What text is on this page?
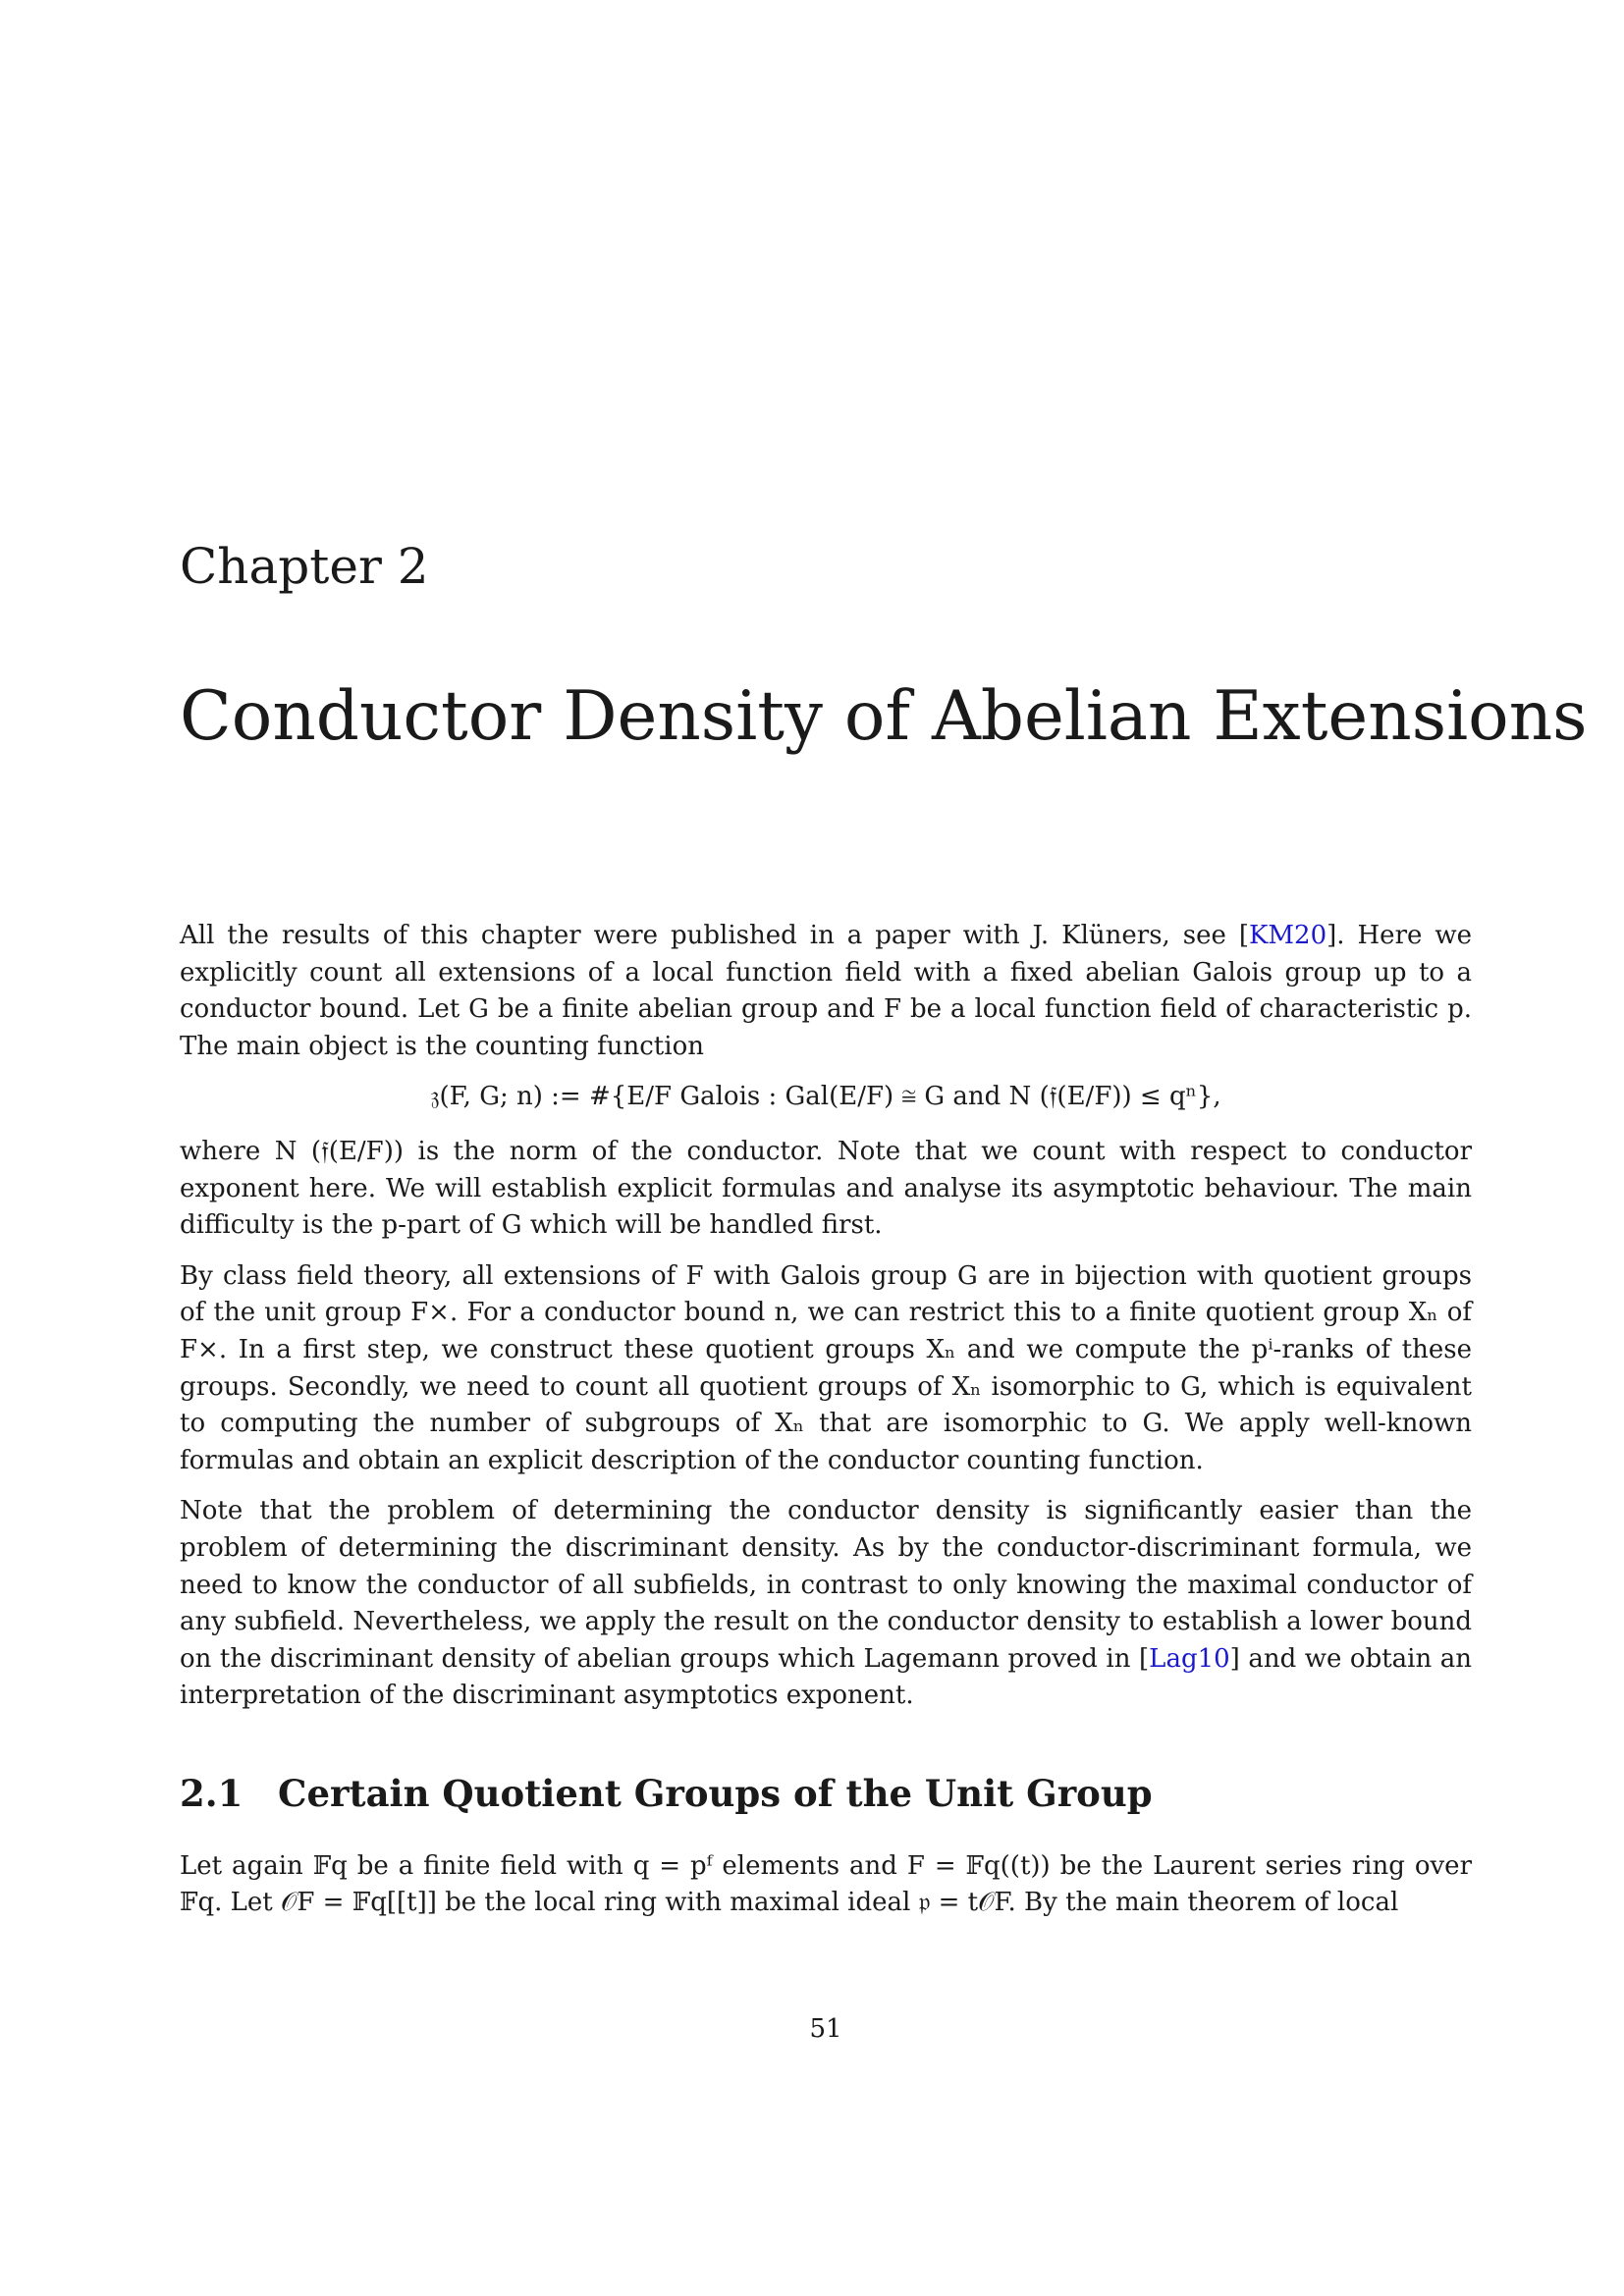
Chapter 2
Conductor Density of Abelian Extensions

All the results of this chapter were published in a paper with J. Klüners, see [KM20]. Here we explicitly count all extensions of a local function field with a fixed abelian Galois group up to a conductor bound. Let G be a finite abelian group and F be a local function field of characteristic p. The main object is the counting function

𝔷(F, G; n) := #{E/F Galois : Gal(E/F) ≅ G and N (𝔣(E/F)) ≤ qⁿ},

where N (𝔣(E/F)) is the norm of the conductor. Note that we count with respect to conductor exponent here. We will establish explicit formulas and analyse its asymptotic behaviour. The main difficulty is the p-part of G which will be handled first.

By class field theory, all extensions of F with Galois group G are in bijection with quotient groups of the unit group F×. For a conductor bound n, we can restrict this to a finite quotient group Xₙ of F×. In a first step, we construct these quotient groups Xₙ and we compute the pⁱ-ranks of these groups. Secondly, we need to count all quotient groups of Xₙ isomorphic to G, which is equivalent to computing the number of subgroups of Xₙ that are isomorphic to G. We apply well-known formulas and obtain an explicit description of the conductor counting function.

Note that the problem of determining the conductor density is significantly easier than the problem of determining the discriminant density. As by the conductor-discriminant formula, we need to know the conductor of all subfields, in contrast to only knowing the maximal conductor of any subfield. Nevertheless, we apply the result on the conductor density to establish a lower bound on the discriminant density of abelian groups which Lagemann proved in [Lag10] and we obtain an interpretation of the discriminant asymptotics exponent.

2.1 Certain Quotient Groups of the Unit Group

Let again 𝔽q be a finite field with q = pᶠ elements and F = 𝔽q((t)) be the Laurent series ring over 𝔽q. Let 𝒪F = 𝔽q[[t]] be the local ring with maximal ideal 𝔭 = t𝒪F. By the main theorem of local

51
